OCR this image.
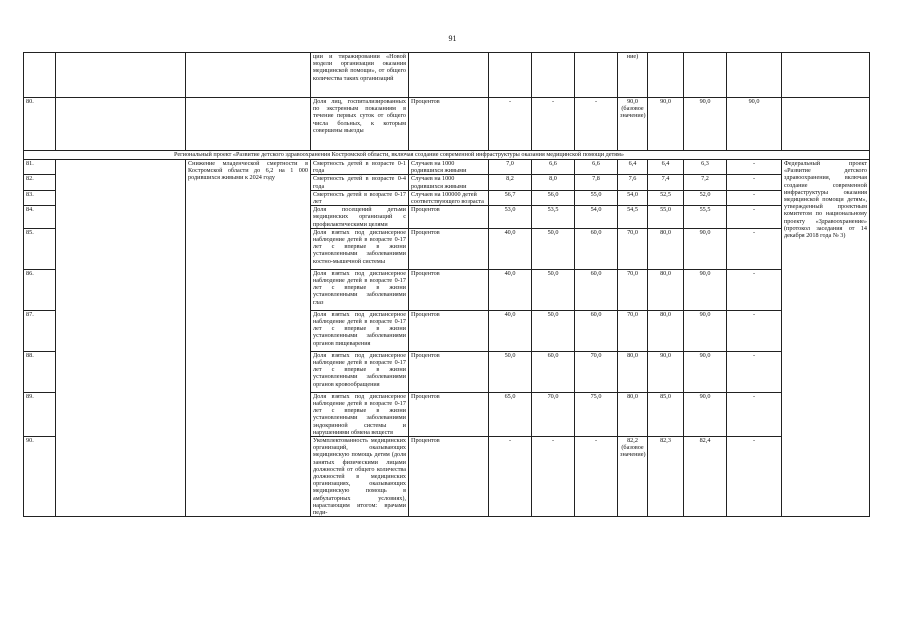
91
			ции и тиражировании «Новой модели организации оказания медицинской помощи», от общего количества таких организаций					ние)				
80.			Доля лиц, госпитализированных по экстренным показаниям в течение первых суток от общего числа больных, к которым совершены выезды	Процентов	-	-	-	90,0 (базовое значение)	90,0	90,0	90,0	
Региональный проект «Развитие детского здравоохранения Костромской области, включая создание современной инфраструктуры оказания медицинской помощи детям»												
81.		Снижение младенческой смертности в Костромской области до 6,2 на 1 000 родившихся живыми к 2024 году	Смертность детей в возрасте 0-1 года	Случаев на 1000 родившихся живыми	7,0	6,6	6,6	6,4	6,4	6,3	-	Федеральный проект «Развитие детского здравоохранения, включая создание современной инфраструктуры оказания медицинской помощи детям», утвержденный проектным комитетом по национальному проекту «Здравоохранение» (протокол заседания от 14 декабря 2018 года № 3)
82.			Смертность детей в возрасте 0-4 года	Случаев на 1000 родившихся живыми	8,2	8,0	7,8	7,6	7,4	7,2	-	
83.			Смертность детей в возрасте 0-17 лет	Случаев на 100000 детей соответствующего возраста	56,7	56,0	55,0	54,0	52,5	52,0	-	
84.			Доля посещений детьми медицинских организаций с профилактическими целями	Процентов	53,0	53,5	54,0	54,5	55,0	55,5	-	
85.			Доля взятых под диспансерное наблюдение детей в возрасте 0-17 лет с впервые в жизни установленными заболеваниями костно-мышечной системы	Процентов	40,0	50,0	60,0	70,0	80,0	90,0	-	
86.			Доля взятых под диспансерное наблюдение детей в возрасте 0-17 лет с впервые в жизни установленными заболеваниями глаз	Процентов	40,0	50,0	60,0	70,0	80,0	90,0	-	
87.			Доля взятых под диспансерное наблюдение детей в возрасте 0-17 лет с впервые в жизни установленными заболеваниями органов пищеварения	Процентов	40,0	50,0	60,0	70,0	80,0	90,0	-	
88.			Доля взятых под диспансерное наблюдение детей в возрасте 0-17 лет с впервые в жизни установленными заболеваниями органов кровообращения	Процентов	50,0	60,0	70,0	80,0	90,0	90,0	-	
89.			Доля взятых под диспансерное наблюдение детей в возрасте 0-17 лет с впервые в жизни установленными заболеваниями эндокринной системы и нарушениями обмена веществ	Процентов	65,0	70,0	75,0	80,0	85,0	90,0	-	
90.			Укомплектованность медицинских организаций, оказывающих медицинскую помощь детям (доля занятых физическими лицами должностей от общего количества должностей в медицинских организациях, оказывающих медицинскую помощь в амбулаторных условиях), нарастающим итогом: врачами педи-	Процентов	-	-	-	82,2 (базовое значение)	82,3	82,4	-	
